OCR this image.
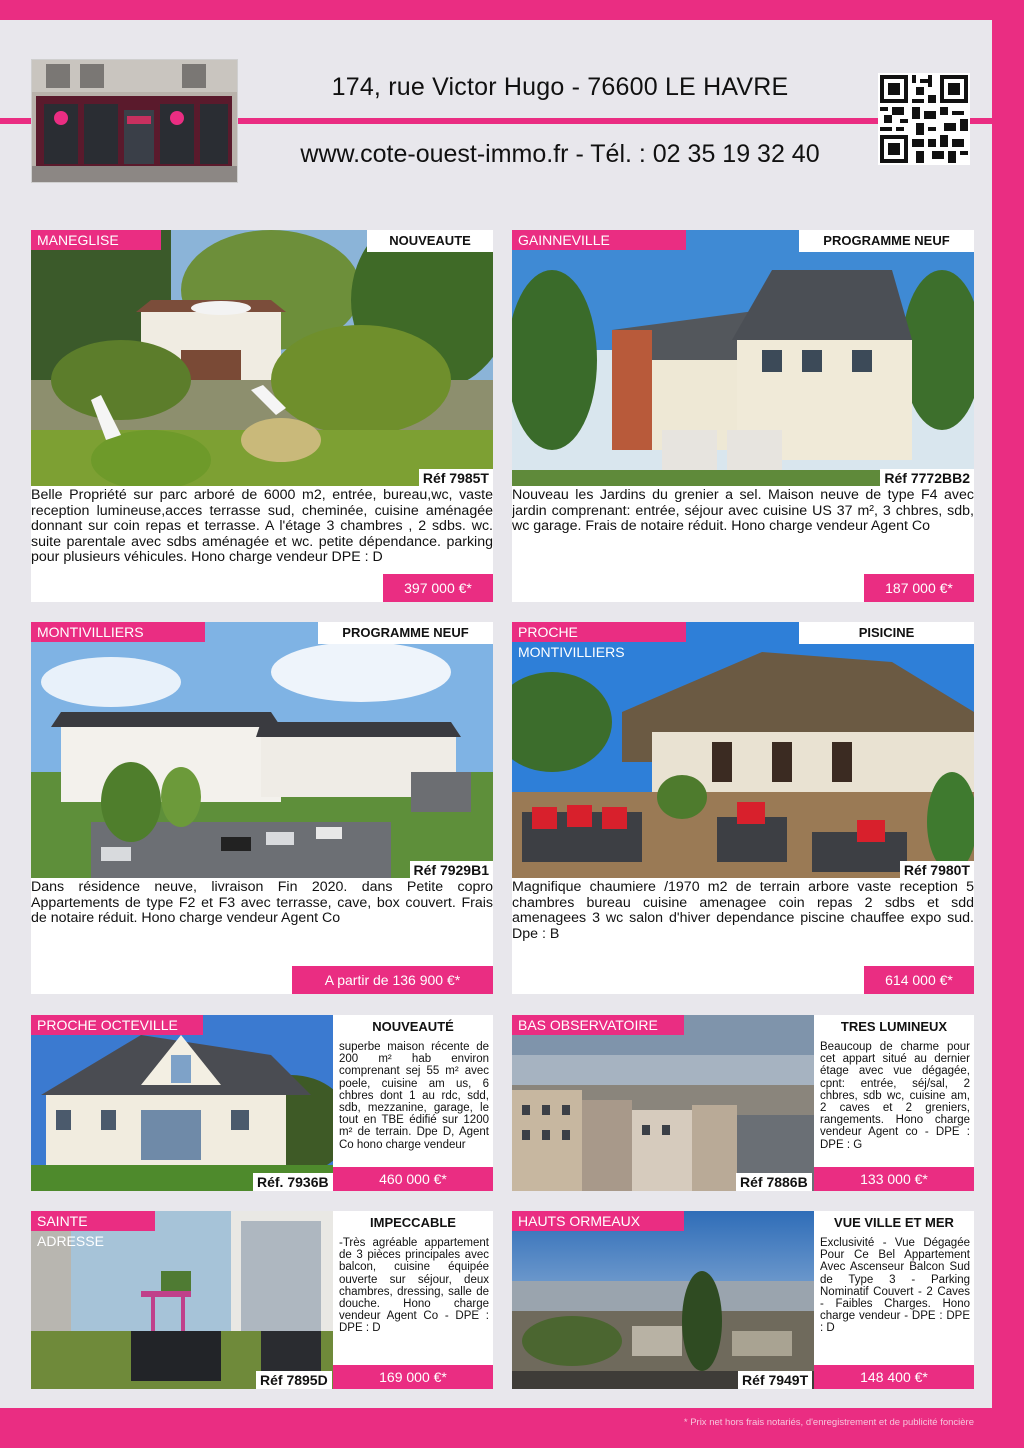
174, rue Victor Hugo - 76600 LE HAVRE
www.cote-ouest-immo.fr - Tél. : 02 35 19 32 40
MANEGLISE	NOUVEAUTE
Réf 7985T
Belle Propriété sur parc arboré de 6000 m2, entrée, bureau,wc, vaste reception lumineuse,acces terrasse sud, cheminée, cuisine aménagée donnant sur coin repas et terrasse. A l'étage 3 chambres , 2 sdbs. wc. suite parentale avec sdbs aménagée et wc. petite dépendance. parking pour plusieurs véhicules. Hono charge vendeur DPE : D
397 000 €*
GAINNEVILLE	PROGRAMME NEUF
Réf 7772BB2
Nouveau les Jardins du grenier a sel. Maison neuve de type F4 avec jardin comprenant: entrée, séjour avec cuisine US 37 m², 3 chbres, sdb, wc garage. Frais de notaire réduit. Hono charge vendeur Agent Co
187 000 €*
MONTIVILLIERS	PROGRAMME NEUF
Réf 7929B1
Dans résidence neuve, livraison Fin 2020. dans Petite copro Appartements de type F2 et F3 avec terrasse, cave, box couvert. Frais de notaire réduit. Hono charge vendeur Agent Co
A partir de 136 900 €*
PROCHE MONTIVILLIERS
PISICINE
Réf 7980T
Magnifique chaumiere /1970 m2 de terrain arbore vaste reception 5 chambres bureau cuisine amenagee coin repas 2 sdbs et sdd amenagees 3 wc salon d'hiver dependance piscine chauffee expo sud. Dpe : B
614 000 €*
PROCHE OCTEVILLE
Réf. 7936B
NOUVEAUTÉ
superbe maison récente de 200 m² hab environ comprenant sej 55 m² avec poele, cuisine am us, 6 chbres dont 1 au rdc, sdd, sdb, mezzanine, garage, le tout en TBE édifié sur 1200 m² de terrain. Dpe D, Agent Co hono charge vendeur
460 000 €*
BAS OBSERVATOIRE
Réf 7886B
TRES LUMINEUX
Beaucoup de charme pour cet appart situé au dernier étage avec vue dégagée, cpnt: entrée, séj/sal, 2 chbres, sdb wc, cuisine am, 2 caves et 2 greniers, rangements. Hono charge vendeur Agent co - DPE : DPE : G
133 000 €*
SAINTE ADRESSE
Réf 7895D
IMPECCABLE
-Très agréable appartement de 3 pièces principales avec balcon, cuisine équipée ouverte sur séjour, deux chambres, dressing, salle de douche. Hono charge vendeur Agent Co - DPE : DPE : D
169 000 €*
HAUTS ORMEAUX
Réf 7949T
VUE VILLE ET MER
Exclusivité - Vue Dégagée Pour Ce Bel Appartement Avec Ascenseur Balcon Sud de Type 3 - Parking Nominatif Couvert - 2 Caves - Faibles Charges. Hono charge vendeur - DPE : DPE : D
148 400 €*
* Prix net hors frais notariés, d'enregistrement et de publicité foncière
